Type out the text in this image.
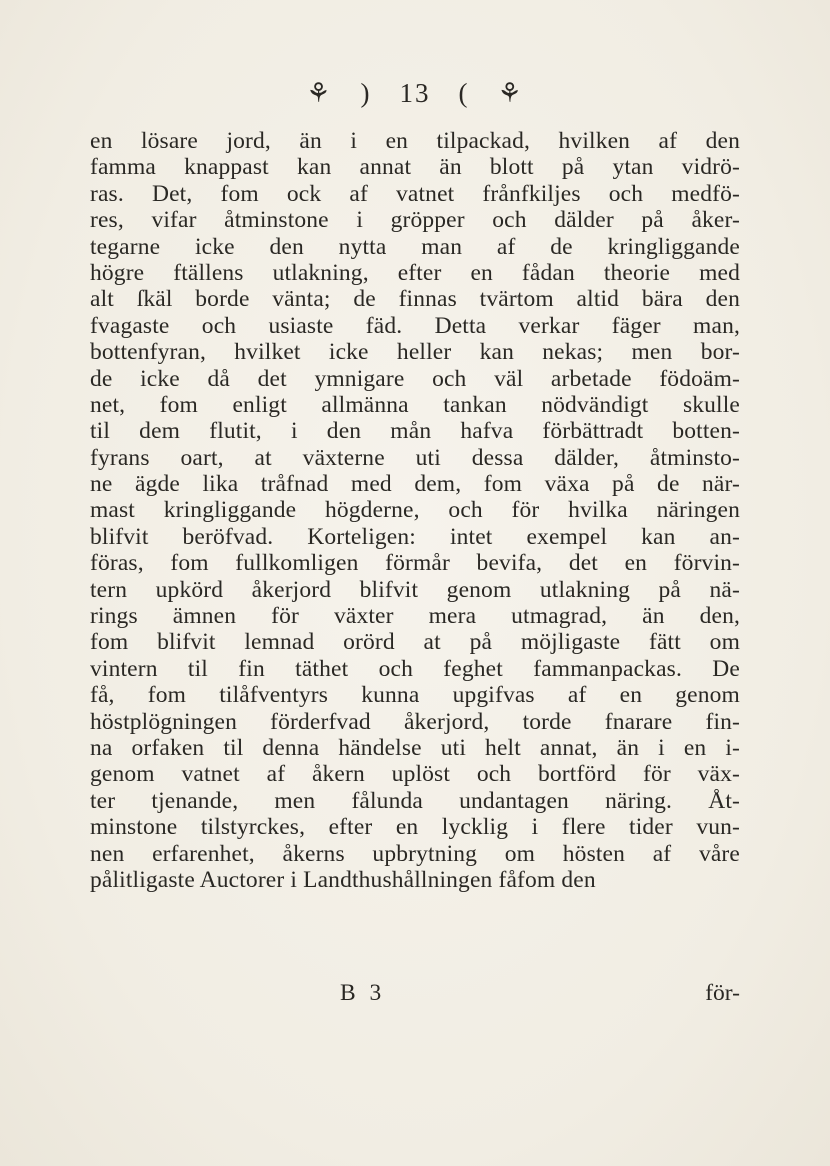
⚘ ) 13 ( ⚘
en lösare jord, än i en tilpackad, hvilken af den
famma knappast kan annat än blott på ytan vidrö-
ras. Det, fom ock af vatnet frånfkiljes och medfö-
res, vifar åtminstone i gröpper och dälder på åker-
tegarne icke den nytta man af de kringliggande
högre ftällens utlakning, efter en fådan theorie med
alt ſkäl borde vänta; de finnas tvärtom altid bära den
fvagaste och usiaste fäd. Detta verkar fäger man,
bottenfyran, hvilket icke heller kan nekas; men bor-
de icke då det ymnigare och väl arbetade födoäm-
net, fom enligt allmänna tankan nödvändigt skulle
til dem flutit, i den mån hafva förbättradt botten-
fyrans oart, at växterne uti dessa dälder, åtminsto-
ne ägde lika tråfnad med dem, fom växa på de när-
mast kringliggande högderne, och för hvilka näringen
blifvit beröfvad. Korteligen: intet exempel kan an-
föras, fom fullkomligen förmår bevifa, det en förvin-
tern upkörd åkerjord blifvit genom utlakning på nä-
rings ämnen för växter mera utmagrad, än den,
fom blifvit lemnad orörd at på möjligaste fätt om
vintern til fin täthet och feghet fammanpackas. De
få, fom tilåfventyrs kunna upgifvas af en genom
höstplögningen förderfvad åkerjord, torde fnarare fin-
na orfaken til denna händelse uti helt annat, än i en i-
genom vatnet af åkern uplöst och bortförd för väx-
ter tjenande, men fålunda undantagen näring. Åt-
minstone tilstyrckes, efter en lycklig i flere tider vun-
nen erfarenhet, åkerns upbrytning om hösten af våre
pålitligaste Auctorer i Landthushållningen fåfom den
B 3	för-
